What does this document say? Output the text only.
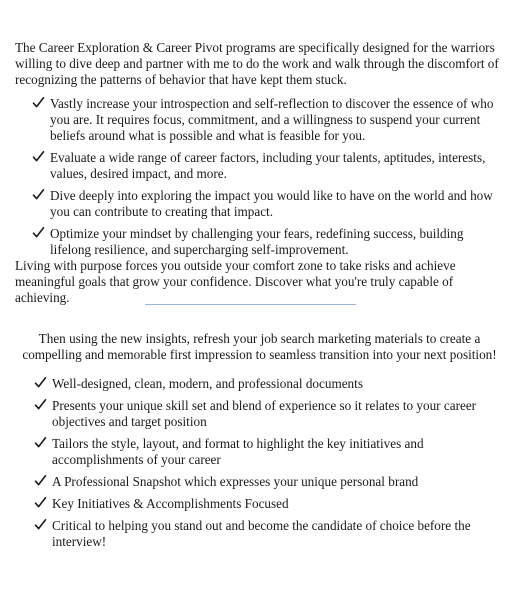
The Career Exploration & Career Pivot programs are specifically designed for the warriors willing to dive deep and partner with me to do the work and walk through the discomfort of recognizing the patterns of behavior that have kept them stuck.

Vastly increase your introspection and self-reflection to discover the essence of who you are. It requires focus, commitment, and a willingness to suspend your current beliefs around what is possible and what is feasible for you.
Evaluate a wide range of career factors, including your talents, aptitudes, interests, values, desired impact, and more.
Dive deeply into exploring the impact you would like to have on the world and how you can contribute to creating that impact.
Optimize your mindset by challenging your fears, redefining success, building lifelong resilience, and supercharging self-improvement.

Living with purpose forces you outside your comfort zone to take risks and achieve meaningful goals that grow your confidence. Discover what you're truly capable of achieving.

Then using the new insights, refresh your job search marketing materials to create a compelling and memorable first impression to seamless transition into your next position!

Well-designed, clean, modern, and professional documents
Presents your unique skill set and blend of experience so it relates to your career objectives and target position
Tailors the style, layout, and format to highlight the key initiatives and accomplishments of your career
A Professional Snapshot which expresses your unique personal brand
Key Initiatives & Accomplishments Focused
Critical to helping you stand out and become the candidate of choice before the interview!
